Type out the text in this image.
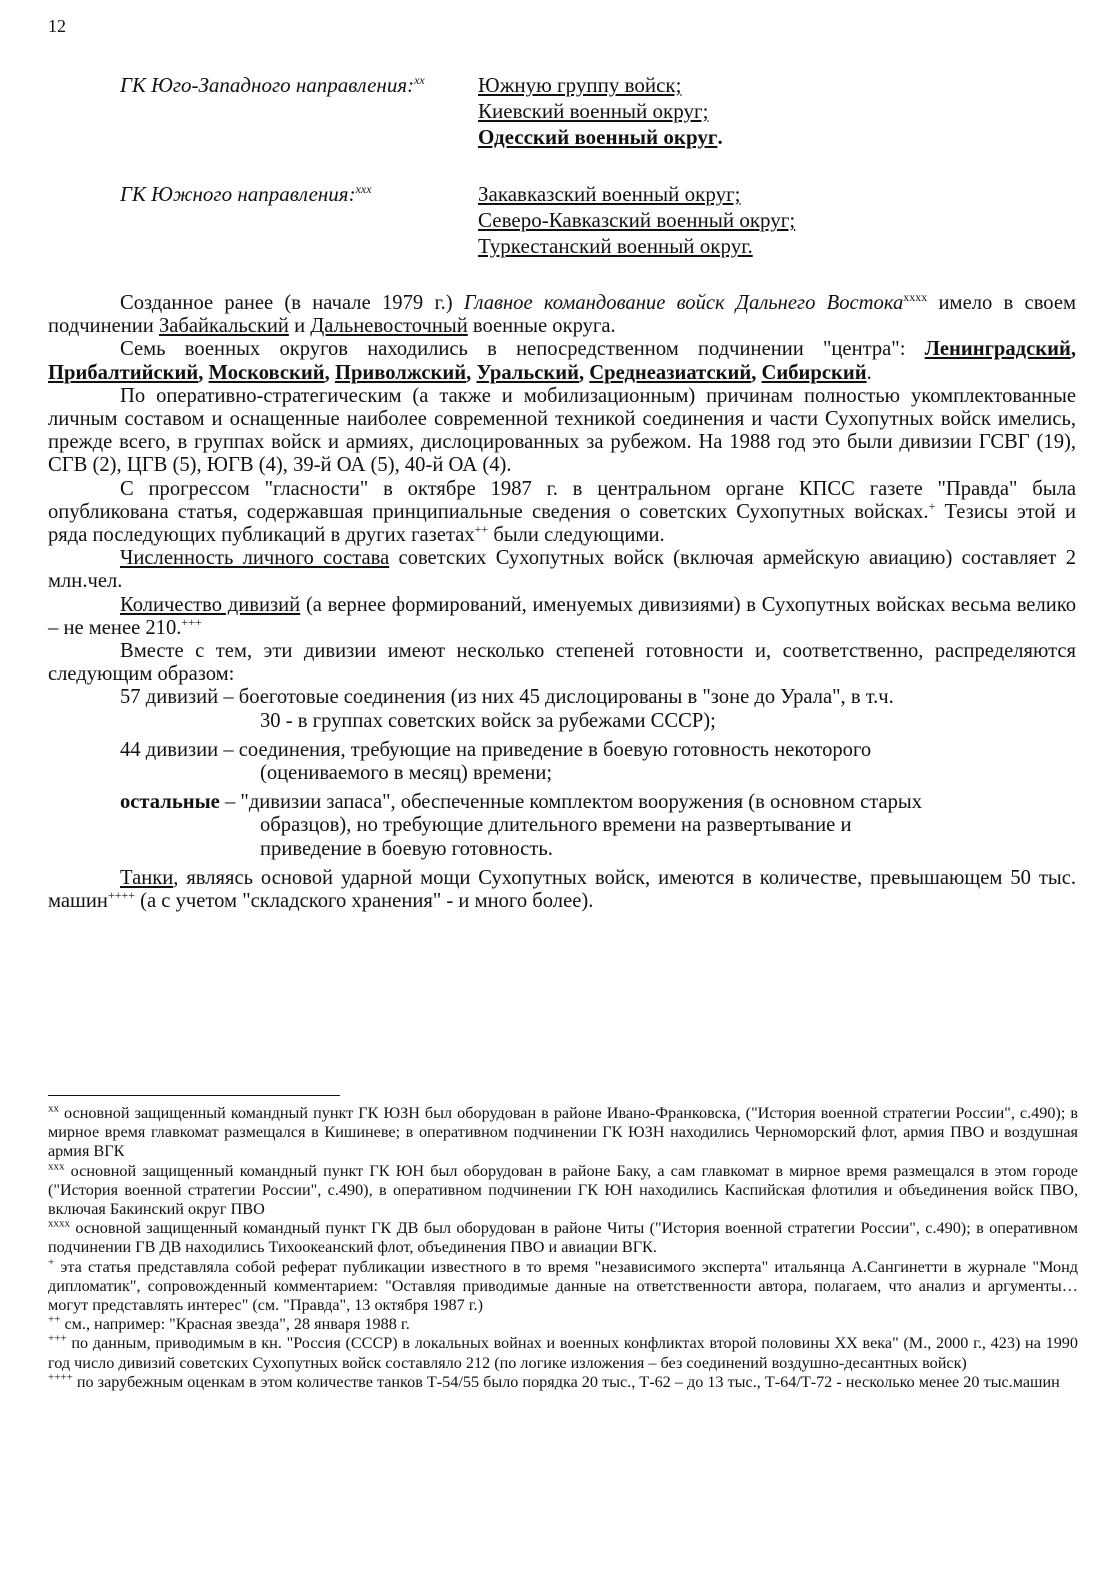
12
ГК Юго-Западного направления:$^{xx}$	Южную группу войск;
Киевский военный округ;
Одесский военный округ.
ГК Южного направления:$^{xxx}$	Закавказский военный округ;
Северо-Кавказский военный округ;
Туркестанский военный округ.

Созданное ранее (в начале 1979 г.) Главное командование войск Дальнего Востока$^{xxxx}$ имело в своем подчинении Забайкальский и Дальневосточный военные округа.

Семь военных округов находились в непосредственном подчинении "центра": Ленинградский, Прибалтийский, Московский, Приволжский, Уральский, Среднеазиатский, Сибирский.

По оперативно-стратегическим (а также и мобилизационным) причинам полностью укомплектованные личным составом и оснащенные наиболее современной техникой соединения и части Сухопутных войск имелись, прежде всего, в группах войск и армиях, дислоцированных за рубежом. На 1988 год это были дивизии ГСВГ (19), СГВ (2), ЦГВ (5), ЮГВ (4), 39-й ОА (5), 40-й ОА (4).

С прогрессом "гласности" в октябре 1987 г. в центральном органе КПСС газете "Правда" была опубликована статья, содержавшая принципиальные сведения о советских Сухопутных войсках.+ Тезисы этой и ряда последующих публикаций в других газетах++ были следующими.

Численность личного состава советских Сухопутных войск (включая армейскую авиацию) составляет 2 млн.чел.

Количество дивизий (а вернее формирований, именуемых дивизиями) в Сухопутных войсках весьма велико – не менее 210.+++

Вместе с тем, эти дивизии имеют несколько степеней готовности и, соответственно, распределяются следующим образом:

57 дивизий – боеготовые соединения (из них 45 дислоцированы в "зоне до Урала", в т.ч.
30 - в группах советских войск за рубежами СССР);
44 дивизии – соединения, требующие на приведение в боевую готовность некоторого
(оцениваемого в месяц) времени;
остальные – "дивизии запаса", обеспеченные комплектом вооружения (в основном старых
образцов), но требующие длительного времени на развертывание и
приведение в боевую готовность.

Танки, являясь основой ударной мощи Сухопутных войск, имеются в количестве, превышающем 50 тыс. машин++++ (а с учетом "складского хранения" - и много более).

$^{xx}$ основной защищенный командный пункт ГК ЮЗН был оборудован в районе Ивано-Франковска, ("История военной стратегии России", с.490); в мирное время главкомат размещался в Кишиневе; в оперативном подчинении ГК ЮЗН находились Черноморский флот, армия ПВО и воздушная армия ВГК

$^{xxx}$ основной защищенный командный пункт ГК ЮН был оборудован в районе Баку, а сам главкомат в мирное время размещался в этом городе ("История военной стратегии России", с.490), в оперативном подчинении ГК ЮН находились Каспийская флотилия и объединения войск ПВО, включая Бакинский округ ПВО

$^{xxxx}$ основной защищенный командный пункт ГК ДВ был оборудован в районе Читы ("История военной стратегии России", с.490); в оперативном подчинении ГВ ДВ находились Тихоокеанский флот, объединения ПВО и авиации ВГК.

+ эта статья представляла собой реферат публикации известного в то время "независимого эксперта" итальянца А.Сангинетти в журнале "Монд дипломатик", сопровожденный комментарием: "Оставляя приводимые данные на ответственности автора, полагаем, что анализ и аргументы… могут представлять интерес" (см. "Правда", 13 октября 1987 г.)

++ см., например: "Красная звезда", 28 января 1988 г.

+++ по данным, приводимым в кн. "Россия (СССР) в локальных войнах и военных конфликтах второй половины XX века" (М., 2000 г., 423) на 1990 год число дивизий советских Сухопутных войск составляло 212 (по логике изложения – без соединений воздушно-десантных войск)

++++ по зарубежным оценкам в этом количестве танков Т-54/55 было порядка 20 тыс., Т-62 – до 13 тыс., Т-64/Т-72 - несколько менее 20 тыс.машин
